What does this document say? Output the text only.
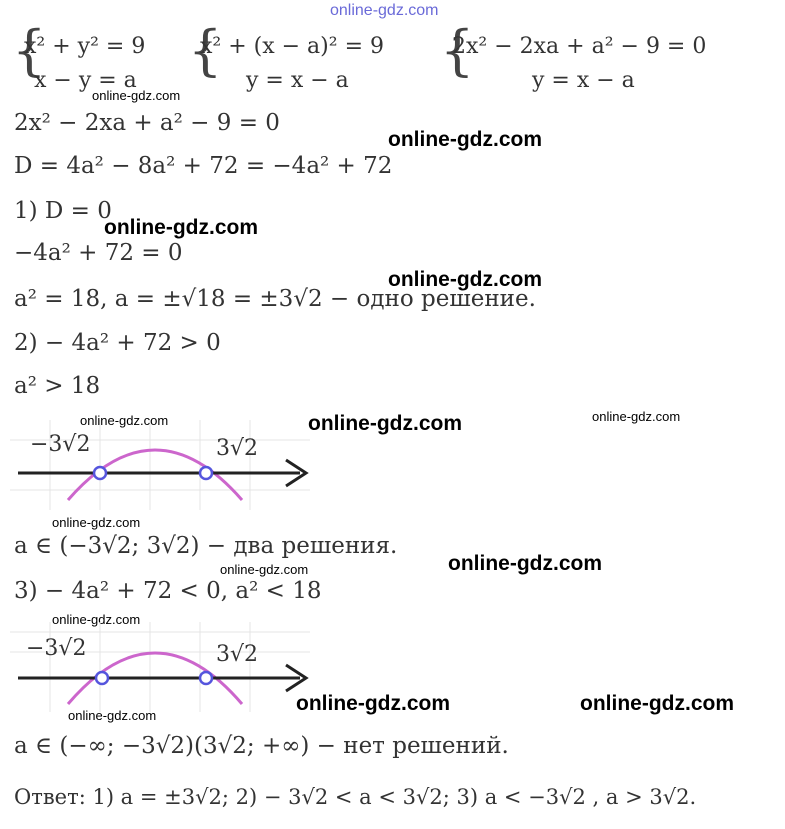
online-gdz.com
{
x² + y² = 9
x − y = a {
x² + (x − a)² = 9
y = x − a {
2x² − 2xa + a² − 9 = 0
y = x − a
online-gdz.com
2x² − 2xa + a² − 9 = 0
online-gdz.com
D = 4a² − 8a² + 72 = −4a² + 72
1) D = 0
online-gdz.com
−4a² + 72 = 0
online-gdz.com
a² = 18, a = ±√18 = ±3√2 − одно решение.
2) − 4a² + 72 > 0
a² > 18
online-gdz.com	online-gdz.com	online-gdz.com
−3√2	3√2
online-gdz.com
a ∈ (−3√2; 3√2) − два решения.
online-gdz.com	online-gdz.com
3) − 4a² + 72 < 0, a² < 18
online-gdz.com
−3√2	3√2
online-gdz.com	online-gdz.com
online-gdz.com
a ∈ (−∞; −3√2)(3√2; +∞) − нет решений.
Ответ: 1) a = ±3√2; 2) − 3√2 < a < 3√2; 3) a < −3√2 , a > 3√2.
